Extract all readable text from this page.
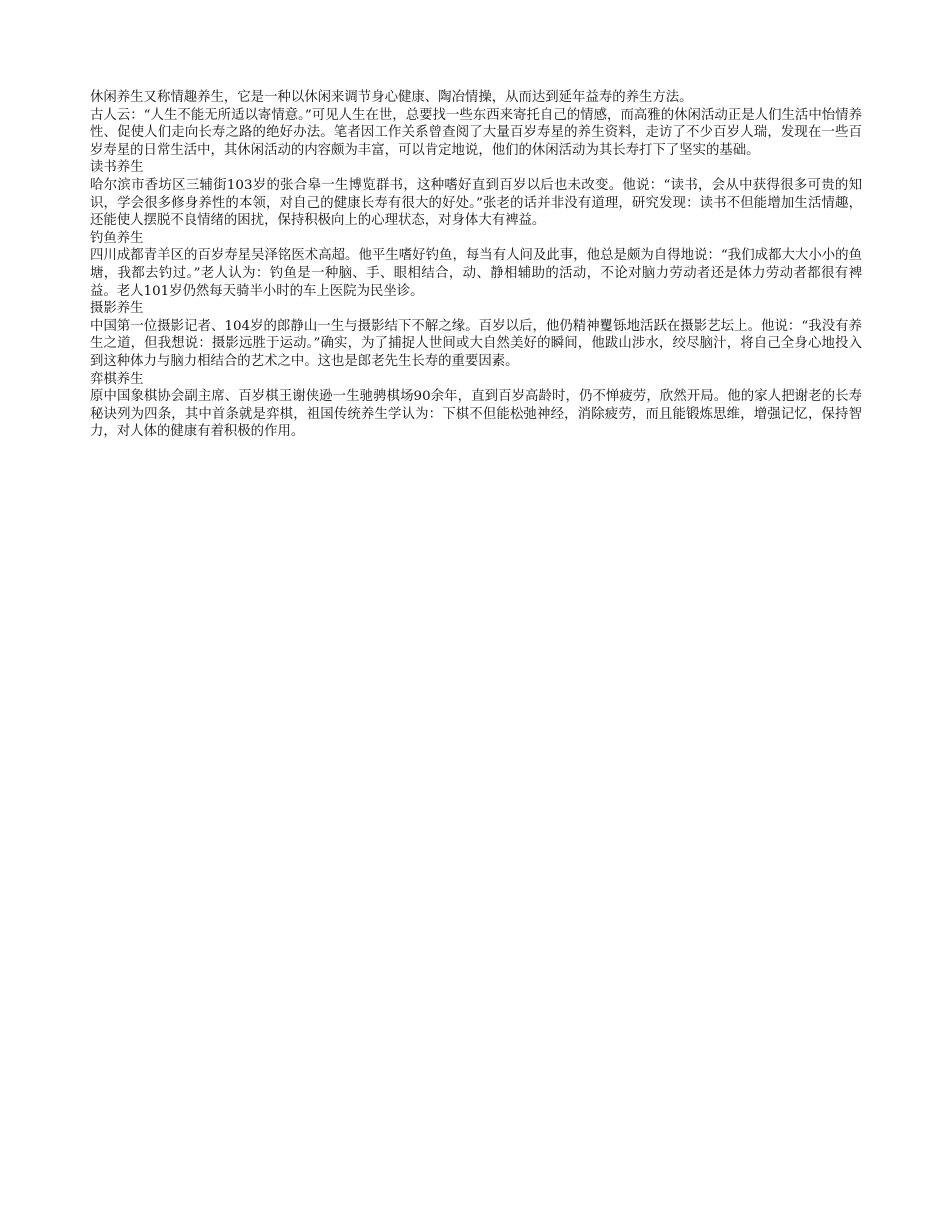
休闲养生又称情趣养生，它是一种以休闲来调节身心健康、陶冶情操，从而达到延年益寿的养生方法。

古人云：“人生不能无所适以寄情意。”可见人生在世，总要找一些东西来寄托自己的情感，而高雅的休闲活动正是人们生活中怡情养性、促使人们走向长寿之路的绝好办法。笔者因工作关系曾查阅了大量百岁寿星的养生资料，走访了不少百岁人瑞，发现在一些百岁寿星的日常生活中，其休闲活动的内容颇为丰富，可以肯定地说，他们的休闲活动为其长寿打下了坚实的基础。

读书养生

哈尔滨市香坊区三辅街103岁的张合皋一生博览群书，这种嗜好直到百岁以后也未改变。他说：“读书，会从中获得很多可贵的知识，学会很多修身养性的本领，对自己的健康长寿有很大的好处。”张老的话并非没有道理，研究发现：读书不但能增加生活情趣，还能使人摆脱不良情绪的困扰，保持积极向上的心理状态，对身体大有裨益。

钓鱼养生

四川成都青羊区的百岁寿星吴泽铭医术高超。他平生嗜好钓鱼，每当有人问及此事，他总是颇为自得地说：“我们成都大大小小的鱼塘，我都去钓过。”老人认为：钓鱼是一种脑、手、眼相结合，动、静相辅助的活动，不论对脑力劳动者还是体力劳动者都很有裨益。老人101岁仍然每天骑半小时的车上医院为民坐诊。

摄影养生

中国第一位摄影记者、104岁的郎静山一生与摄影结下不解之缘。百岁以后，他仍精神矍铄地活跃在摄影艺坛上。他说：“我没有养生之道，但我想说：摄影远胜于运动。”确实，为了捕捉人世间或大自然美好的瞬间，他跋山涉水，绞尽脑汁，将自己全身心地投入到这种体力与脑力相结合的艺术之中。这也是郎老先生长寿的重要因素。

弈棋养生

原中国象棋协会副主席、百岁棋王谢侠逊一生驰骋棋场90余年，直到百岁高龄时，仍不惮疲劳，欣然开局。他的家人把谢老的长寿秘诀列为四条，其中首条就是弈棋，祖国传统养生学认为：下棋不但能松弛神经，消除疲劳，而且能锻炼思维，增强记忆，保持智力，对人体的健康有着积极的作用。
